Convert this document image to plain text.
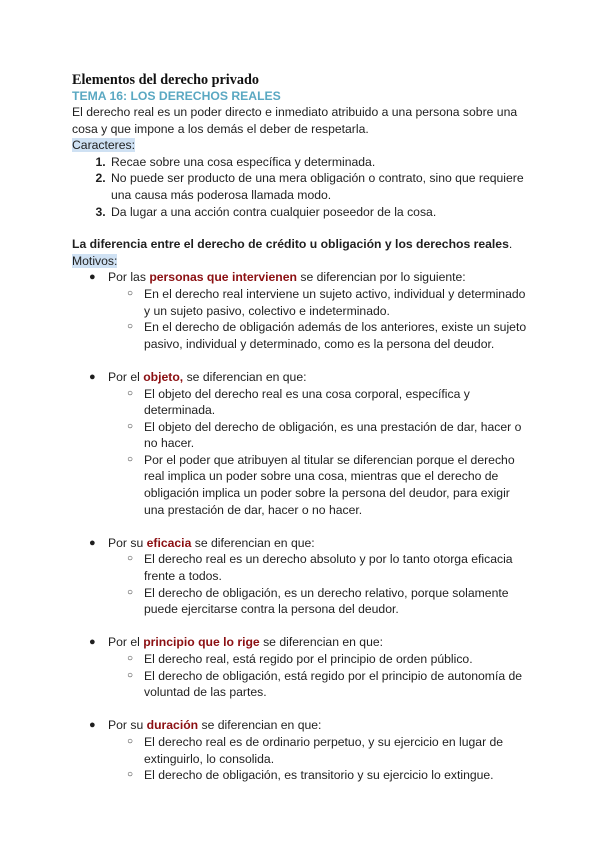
Elementos del derecho privado
TEMA 16: LOS DERECHOS REALES

El derecho real es un poder directo e inmediato atribuido a una persona sobre una cosa y que impone a los demás el deber de respetarla.

Caracteres:

1. Recae sobre una cosa específica y determinada.
2. No puede ser producto de una mera obligación o contrato, sino que requiere una causa más poderosa llamada modo.
3. Da lugar a una acción contra cualquier poseedor de la cosa.

La diferencia entre el derecho de crédito u obligación y los derechos reales.

Motivos:

● Por las personas que intervienen se diferencian por lo siguiente:
○ En el derecho real interviene un sujeto activo, individual y determinado y un sujeto pasivo, colectivo e indeterminado.
○ En el derecho de obligación además de los anteriores, existe un sujeto pasivo, individual y determinado, como es la persona del deudor.
● Por el objeto, se diferencian en que:
○ El objeto del derecho real es una cosa corporal, específica y determinada.
○ El objeto del derecho de obligación, es una prestación de dar, hacer o no hacer.
○ Por el poder que atribuyen al titular se diferencian porque el derecho real implica un poder sobre una cosa, mientras que el derecho de obligación implica un poder sobre la persona del deudor, para exigir una prestación de dar, hacer o no hacer.
● Por su eficacia se diferencian en que:
○ El derecho real es un derecho absoluto y por lo tanto otorga eficacia frente a todos.
○ El derecho de obligación, es un derecho relativo, porque solamente puede ejercitarse contra la persona del deudor.
● Por el principio que lo rige se diferencian en que:
○ El derecho real, está regido por el principio de orden público.
○ El derecho de obligación, está regido por el principio de autonomía de voluntad de las partes.
● Por su duración se diferencian en que:
○ El derecho real es de ordinario perpetuo, y su ejercicio en lugar de extinguirlo, lo consolida.
○ El derecho de obligación, es transitorio y su ejercicio lo extingue.
